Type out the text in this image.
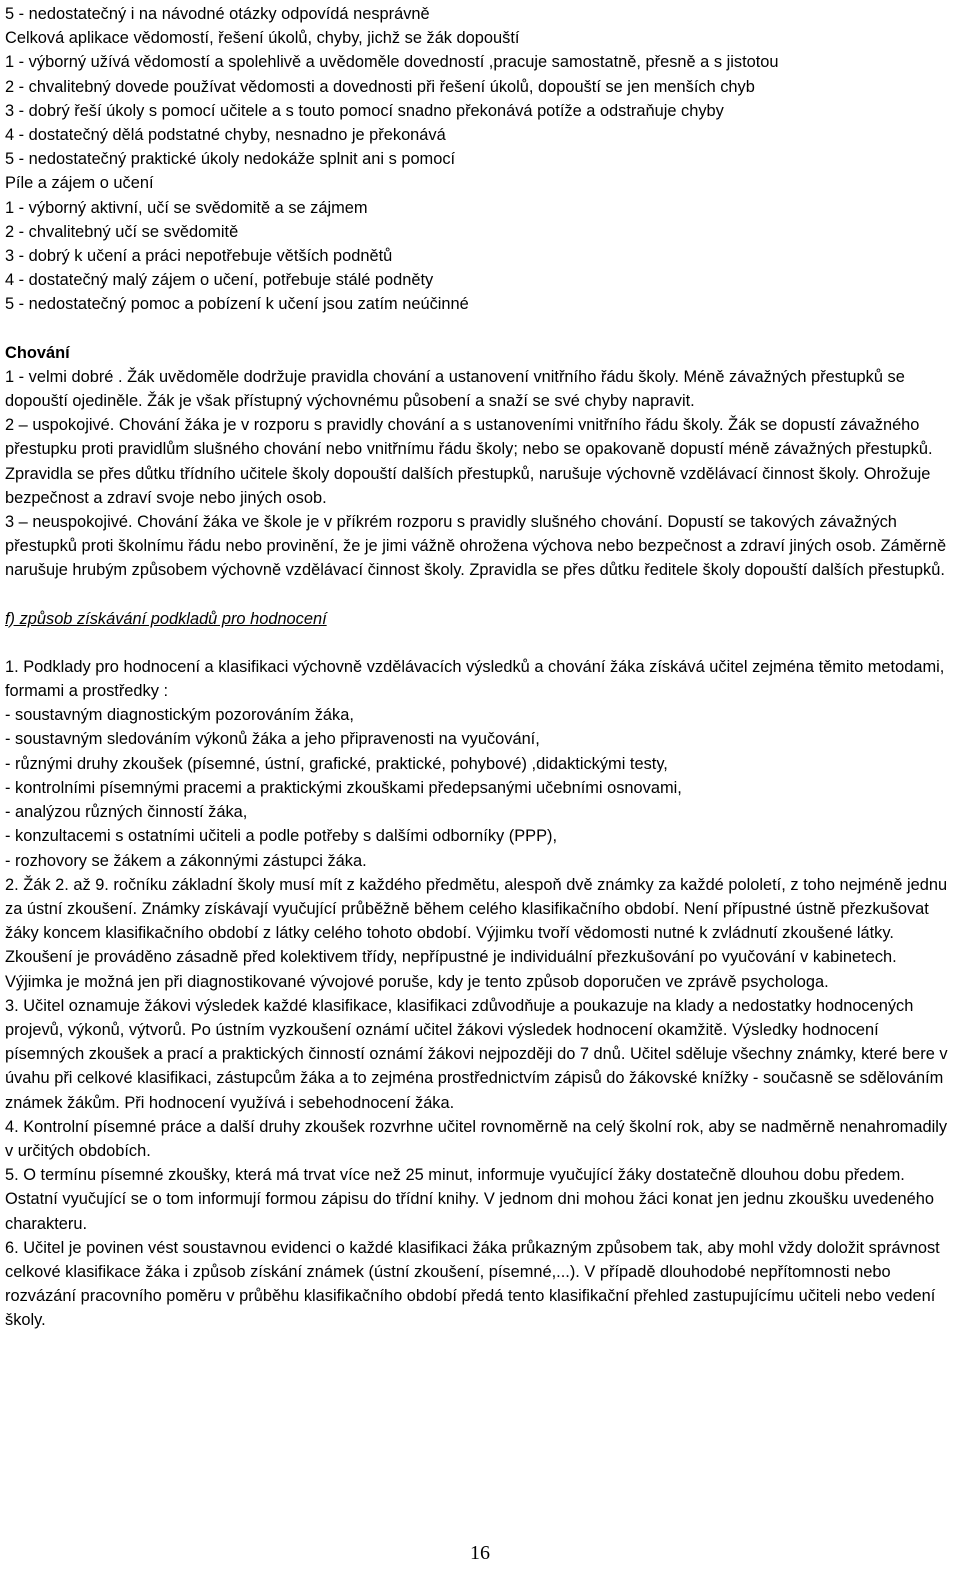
5 - nedostatečný i na návodné otázky odpovídá nesprávně
Celková aplikace vědomostí, řešení úkolů, chyby, jichž se žák dopouští
1 - výborný užívá vědomostí a spolehlivě a uvědoměle dovedností ,pracuje samostatně, přesně a s jistotou
2 - chvalitebný dovede používat vědomosti a dovednosti při řešení úkolů, dopouští se jen menších chyb
3 - dobrý řeší úkoly s pomocí učitele a s touto pomocí snadno překonává potíže a odstraňuje chyby
4 - dostatečný dělá podstatné chyby, nesnadno je překonává
5 - nedostatečný praktické úkoly nedokáže splnit ani s pomocí
Píle a zájem o učení
1 - výborný aktivní, učí se svědomitě a se zájmem
2 - chvalitebný učí se svědomitě
3 - dobrý k učení a práci nepotřebuje větších podnětů
4 - dostatečný malý zájem o učení, potřebuje stálé podněty
5 - nedostatečný pomoc a pobízení k učení jsou zatím neúčinné
Chování
1 - velmi dobré . Žák uvědoměle dodržuje pravidla chování a ustanovení vnitřního řádu školy. Méně závažných přestupků se dopouští ojediněle. Žák je však přístupný výchovnému působení a snaží se své chyby napravit.
2 – uspokojivé. Chování žáka je v rozporu s pravidly chování a s ustanoveními vnitřního řádu školy. Žák se dopustí závažného přestupku proti pravidlům slušného chování nebo vnitřnímu řádu školy; nebo se opakovaně dopustí méně závažných přestupků. Zpravidla se přes důtku třídního učitele školy dopouští dalších přestupků, narušuje výchovně vzdělávací činnost školy. Ohrožuje bezpečnost a zdraví svoje nebo jiných osob.
3 – neuspokojivé. Chování žáka ve škole je v příkrém rozporu s pravidly slušného chování. Dopustí se takových závažných přestupků proti školnímu řádu nebo provinění, že je jimi vážně ohrožena výchova nebo bezpečnost a zdraví jiných osob. Záměrně narušuje hrubým způsobem výchovně vzdělávací činnost školy. Zpravidla se přes důtku ředitele školy dopouští dalších přestupků.
f) způsob získávání podkladů pro hodnocení
1. Podklady pro hodnocení a klasifikaci výchovně vzdělávacích výsledků a chování žáka získává učitel zejména těmito metodami, formami a prostředky :
- soustavným diagnostickým pozorováním žáka,
- soustavným sledováním výkonů žáka a jeho připravenosti na vyučování,
- různými druhy zkoušek (písemné, ústní, grafické, praktické, pohybové) ,didaktickými testy,
- kontrolními písemnými pracemi a praktickými zkouškami předepsanými učebními osnovami,
- analýzou různých činností žáka,
- konzultacemi s ostatními učiteli a podle potřeby s dalšími odborníky (PPP),
- rozhovory se žákem a zákonnými zástupci žáka.
2. Žák 2. až 9. ročníku základní školy musí mít z každého předmětu, alespoň dvě známky za každé pololetí, z toho nejméně jednu za ústní zkoušení. Známky získávají vyučující průběžně během celého klasifikačního období. Není přípustné ústně přezkušovat žáky koncem klasifikačního období z látky celého tohoto období. Výjimku tvoří vědomosti nutné k zvládnutí zkoušené látky. Zkoušení je prováděno zásadně před kolektivem třídy, nepřípustné je individuální přezkušování po vyučování v kabinetech. Výjimka je možná jen při diagnostikované vývojové poruše, kdy je tento způsob doporučen ve zprávě psychologa.
3. Učitel oznamuje žákovi výsledek každé klasifikace, klasifikaci zdůvodňuje a poukazuje na klady a nedostatky hodnocených projevů, výkonů, výtvorů. Po ústním vyzkoušení oznámí učitel žákovi výsledek hodnocení okamžitě. Výsledky hodnocení písemných zkoušek a prací a praktických činností oznámí žákovi nejpozději do 7 dnů. Učitel sděluje všechny známky, které bere v úvahu při celkové klasifikaci, zástupcům žáka a to zejména prostřednictvím zápisů do žákovské knížky - současně se sdělováním známek žákům. Při hodnocení využívá i sebehodnocení žáka.
4. Kontrolní písemné práce a další druhy zkoušek rozvrhne učitel rovnoměrně na celý školní rok, aby se nadměrně nenahromadily v určitých obdobích.
5. O termínu písemné zkoušky, která má trvat více než 25 minut, informuje vyučující žáky dostatečně dlouhou dobu předem. Ostatní vyučující se o tom informují formou zápisu do třídní knihy. V jednom dni mohou žáci konat jen jednu zkoušku uvedeného charakteru.
6. Učitel je povinen vést soustavnou evidenci o každé klasifikaci žáka průkazným způsobem tak, aby mohl vždy doložit správnost celkové klasifikace žáka i způsob získání známek (ústní zkoušení, písemné,...). V případě dlouhodobé nepřítomnosti nebo rozvázání pracovního poměru v průběhu klasifikačního období předá tento klasifikační přehled zastupujícímu učiteli nebo vedení školy.
16
